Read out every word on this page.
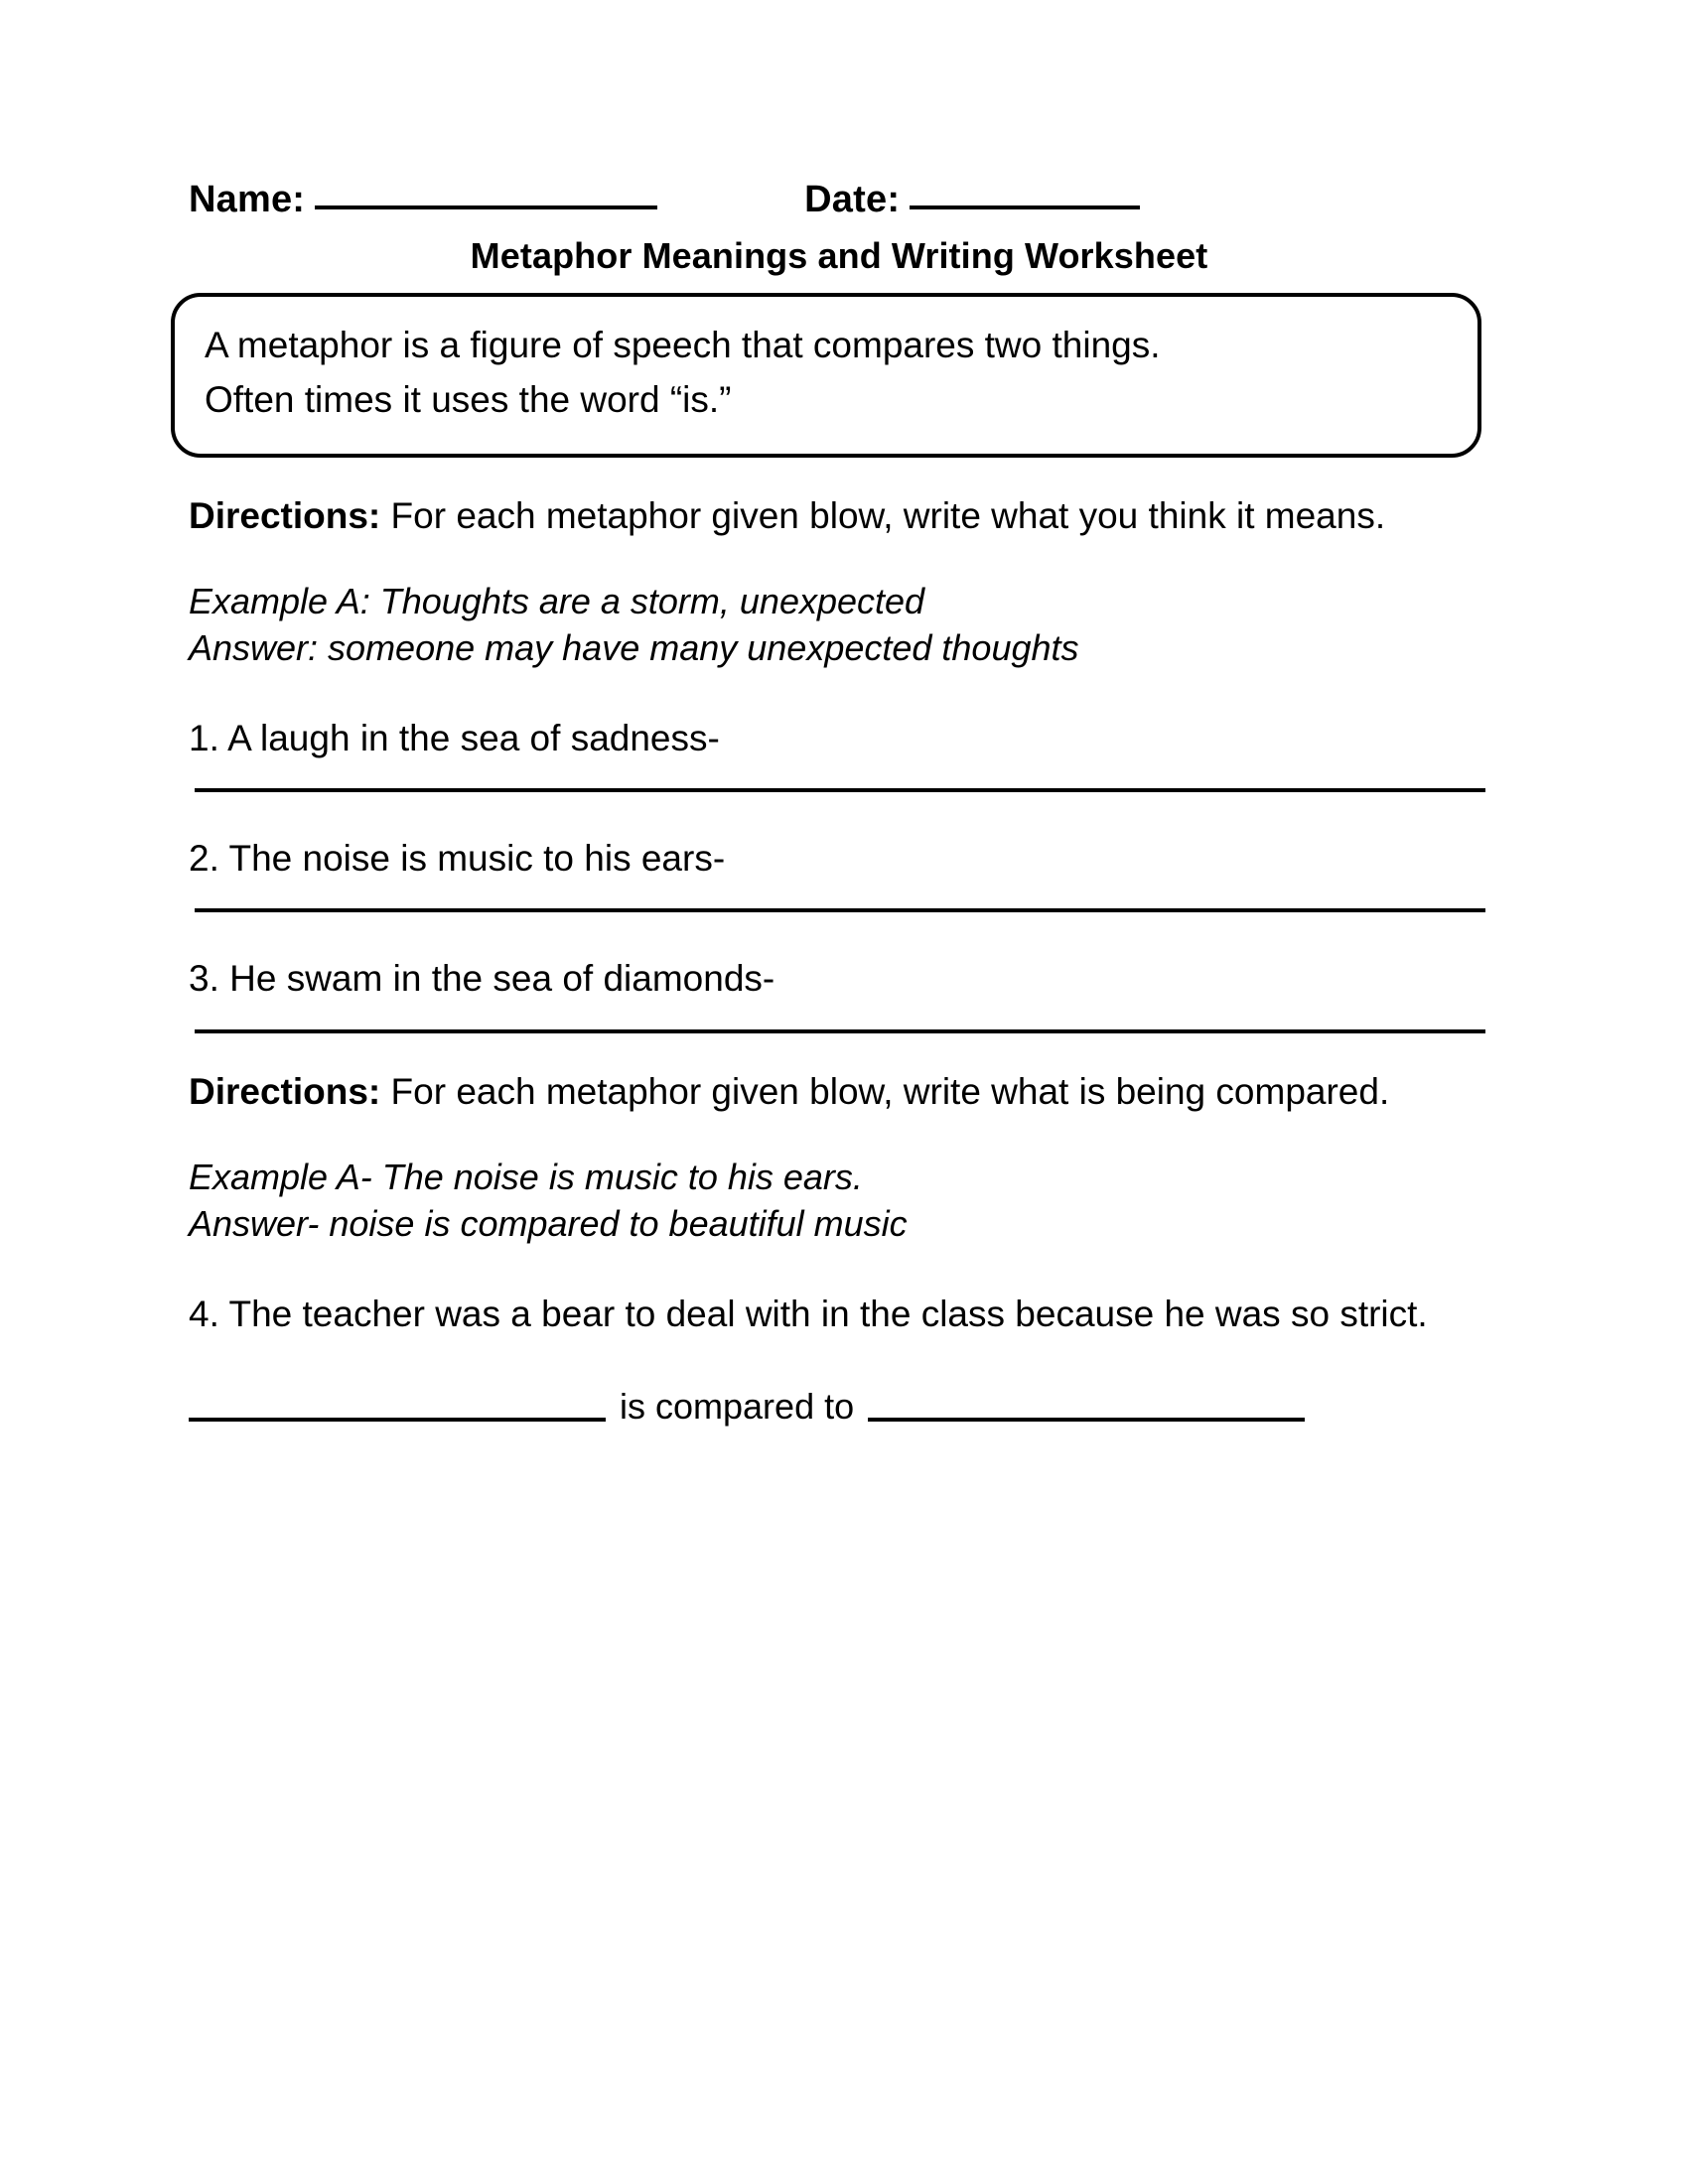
Name:	Date:
Metaphor Meanings and Writing Worksheet

A metaphor is a figure of speech that compares two things.

Often times it uses the word “is.”

Directions: For each metaphor given blow, write what you think it means.

Example A: Thoughts are a storm, unexpected

Answer: someone may have many unexpected thoughts

1. A laugh in the sea of sadness-

2. The noise is music to his ears-

3. He swam in the sea of diamonds-

Directions: For each metaphor given blow, write what is being compared.

Example A- The noise is music to his ears.

Answer- noise is compared to beautiful music

4. The teacher was a bear to deal with in the class because he was so strict.

is compared to
